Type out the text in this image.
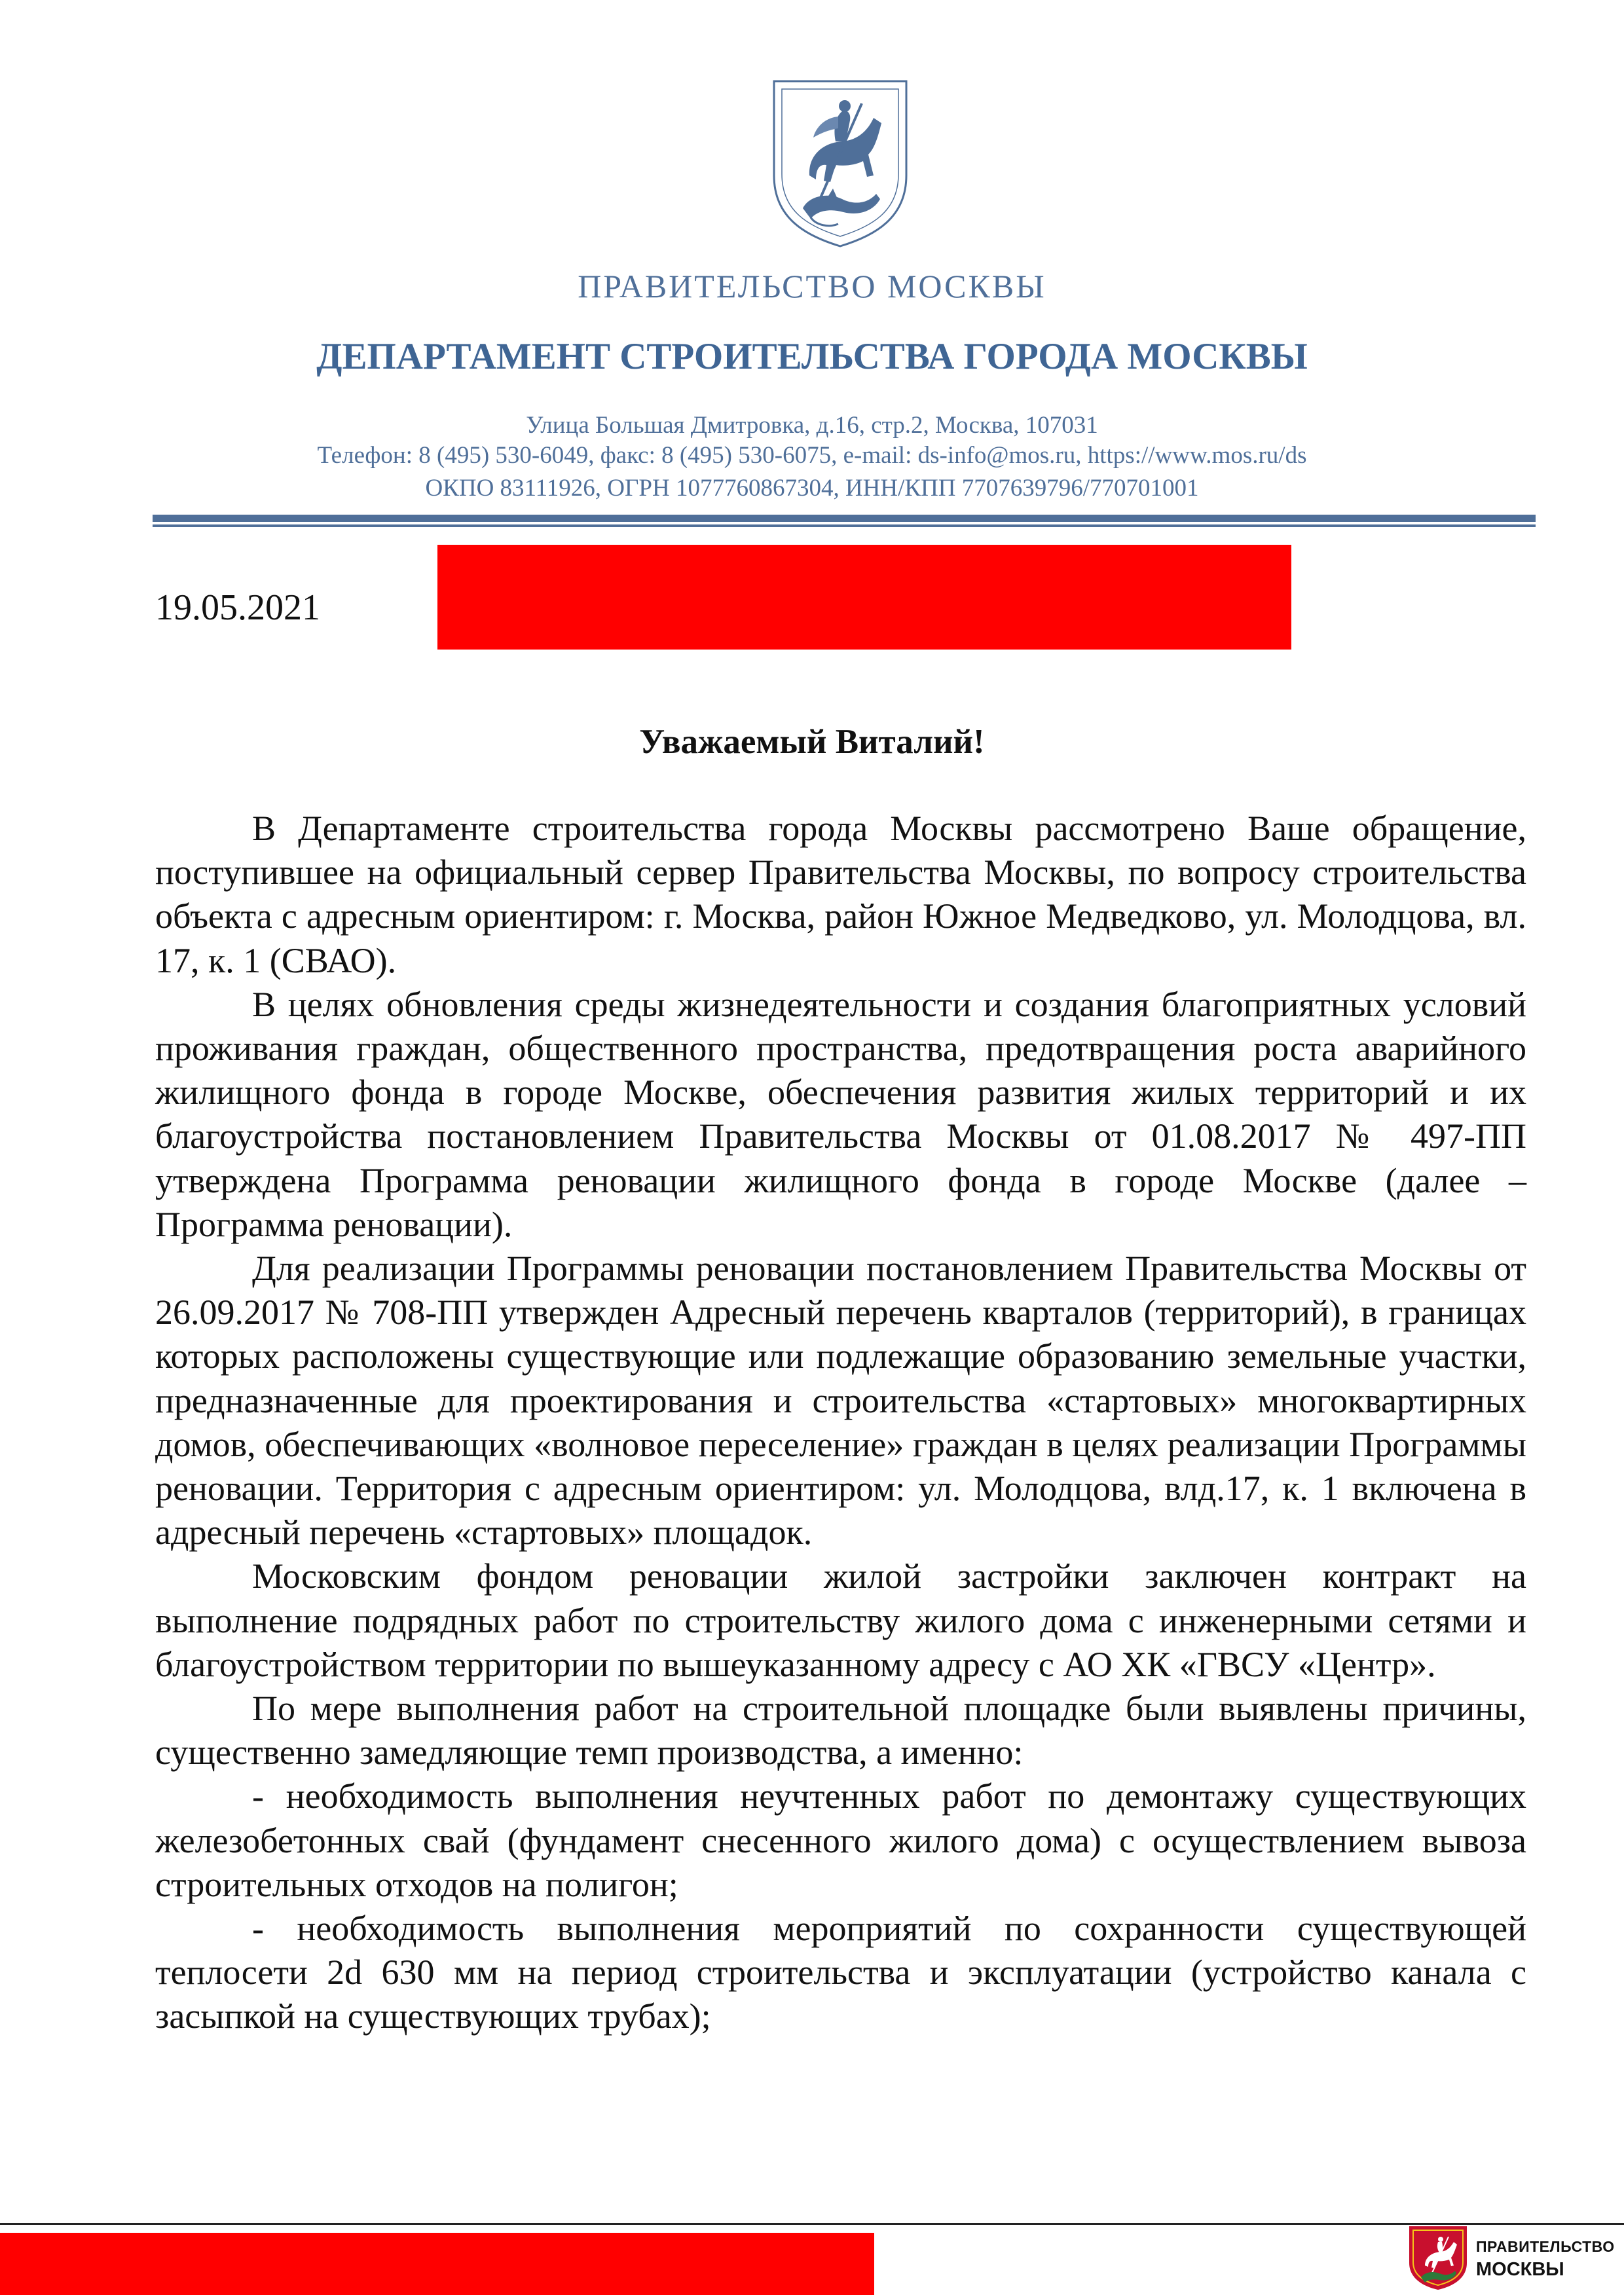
ПРАВИТЕЛЬСТВО МОСКВЫ
ДЕПАРТАМЕНТ СТРОИТЕЛЬСТВА ГОРОДА МОСКВЫ
Улица Большая Дмитровка, д.16, стр.2, Москва, 107031
Телефон: 8 (495) 530-6049, факс: 8 (495) 530-6075, e-mail: ds-info@mos.ru, https://www.mos.ru/ds
ОКПО 83111926, ОГРН 1077760867304, ИНН/КПП 7707639796/770701001
19.05.2021
Уважаемый Виталий!

В Департаменте строительства города Москвы рассмотрено Ваше обращение, поступившее на официальный сервер Правительства Москвы, по вопросу строительства объекта с адресным ориентиром: г. Москва, район Южное Медведково, ул. Молодцова, вл. 17, к. 1 (СВАО).

В целях обновления среды жизнедеятельности и создания благоприятных условий проживания граждан, общественного пространства, предотвращения роста аварийного жилищного фонда в городе Москве, обеспечения развития жилых территорий и их благоустройства постановлением Правительства Москвы от 01.08.2017 № 497-ПП утверждена Программа реновации жилищного фонда в городе Москве (далее – Программа реновации).

Для реализации Программы реновации постановлением Правительства Москвы от 26.09.2017 № 708-ПП утвержден Адресный перечень кварталов (территорий), в границах которых расположены существующие или подлежащие образованию земельные участки, предназначенные для проектирования и строительства «стартовых» многоквартирных домов, обеспечивающих «волновое переселение» граждан в целях реализации Программы реновации. Территория с адресным ориентиром: ул. Молодцова, влд.17, к. 1 включена в адресный перечень «стартовых» площадок.

Московским фондом реновации жилой застройки заключен контракт на выполнение подрядных работ по строительству жилого дома с инженерными сетями и благоустройством территории по вышеуказанному адресу с АО ХК «ГВСУ «Центр».

По мере выполнения работ на строительной площадке были выявлены причины, существенно замедляющие темп производства, а именно:

- необходимость выполнения неучтенных работ по демонтажу существующих железобетонных свай (фундамент снесенного жилого дома) с осуществлением вывоза строительных отходов на полигон;

- необходимость выполнения мероприятий по сохранности существующей теплосети 2d 630 мм на период строительства и эксплуатации (устройство канала с засыпкой на существующих трубах);

ПРАВИТЕЛЬСТВО
МОСКВЫ
